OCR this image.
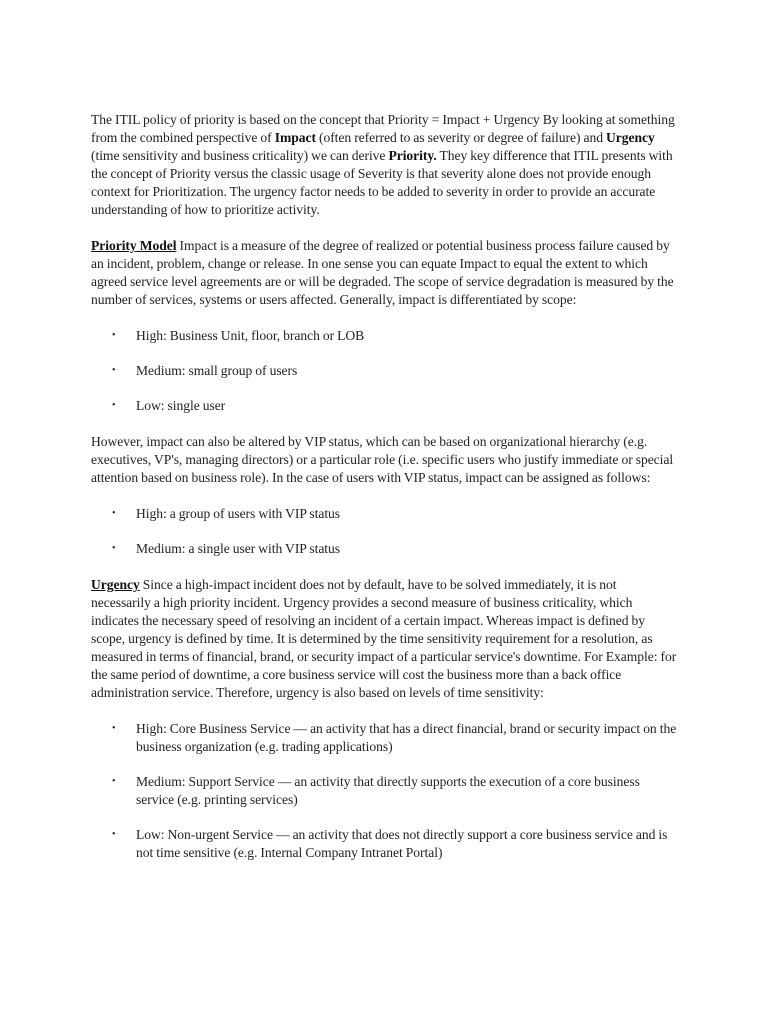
The ITIL policy of priority is based on the concept that Priority = Impact + Urgency By looking at something from the combined perspective of Impact (often referred to as severity or degree of failure) and Urgency (time sensitivity and business criticality) we can derive Priority. They key difference that ITIL presents with the concept of Priority versus the classic usage of Severity is that severity alone does not provide enough context for Prioritization. The urgency factor needs to be added to severity in order to provide an accurate understanding of how to prioritize activity.

Priority Model Impact is a measure of the degree of realized or potential business process failure caused by an incident, problem, change or release. In one sense you can equate Impact to equal the extent to which agreed service level agreements are or will be degraded. The scope of service degradation is measured by the number of services, systems or users affected. Generally, impact is differentiated by scope:

• High: Business Unit, floor, branch or LOB
• Medium: small group of users
• Low: single user

However, impact can also be altered by VIP status, which can be based on organizational hierarchy (e.g. executives, VP's, managing directors) or a particular role (i.e. specific users who justify immediate or special attention based on business role). In the case of users with VIP status, impact can be assigned as follows:

• High: a group of users with VIP status
• Medium: a single user with VIP status

Urgency Since a high-impact incident does not by default, have to be solved immediately, it is not necessarily a high priority incident. Urgency provides a second measure of business criticality, which indicates the necessary speed of resolving an incident of a certain impact. Whereas impact is defined by scope, urgency is defined by time. It is determined by the time sensitivity requirement for a resolution, as measured in terms of financial, brand, or security impact of a particular service's downtime. For Example: for the same period of downtime, a core business service will cost the business more than a back office administration service. Therefore, urgency is also based on levels of time sensitivity:

• High: Core Business Service — an activity that has a direct financial, brand or security impact on the business organization (e.g. trading applications)
• Medium: Support Service — an activity that directly supports the execution of a core business service (e.g. printing services)
• Low: Non-urgent Service — an activity that does not directly support a core business service and is not time sensitive (e.g. Internal Company Intranet Portal)
